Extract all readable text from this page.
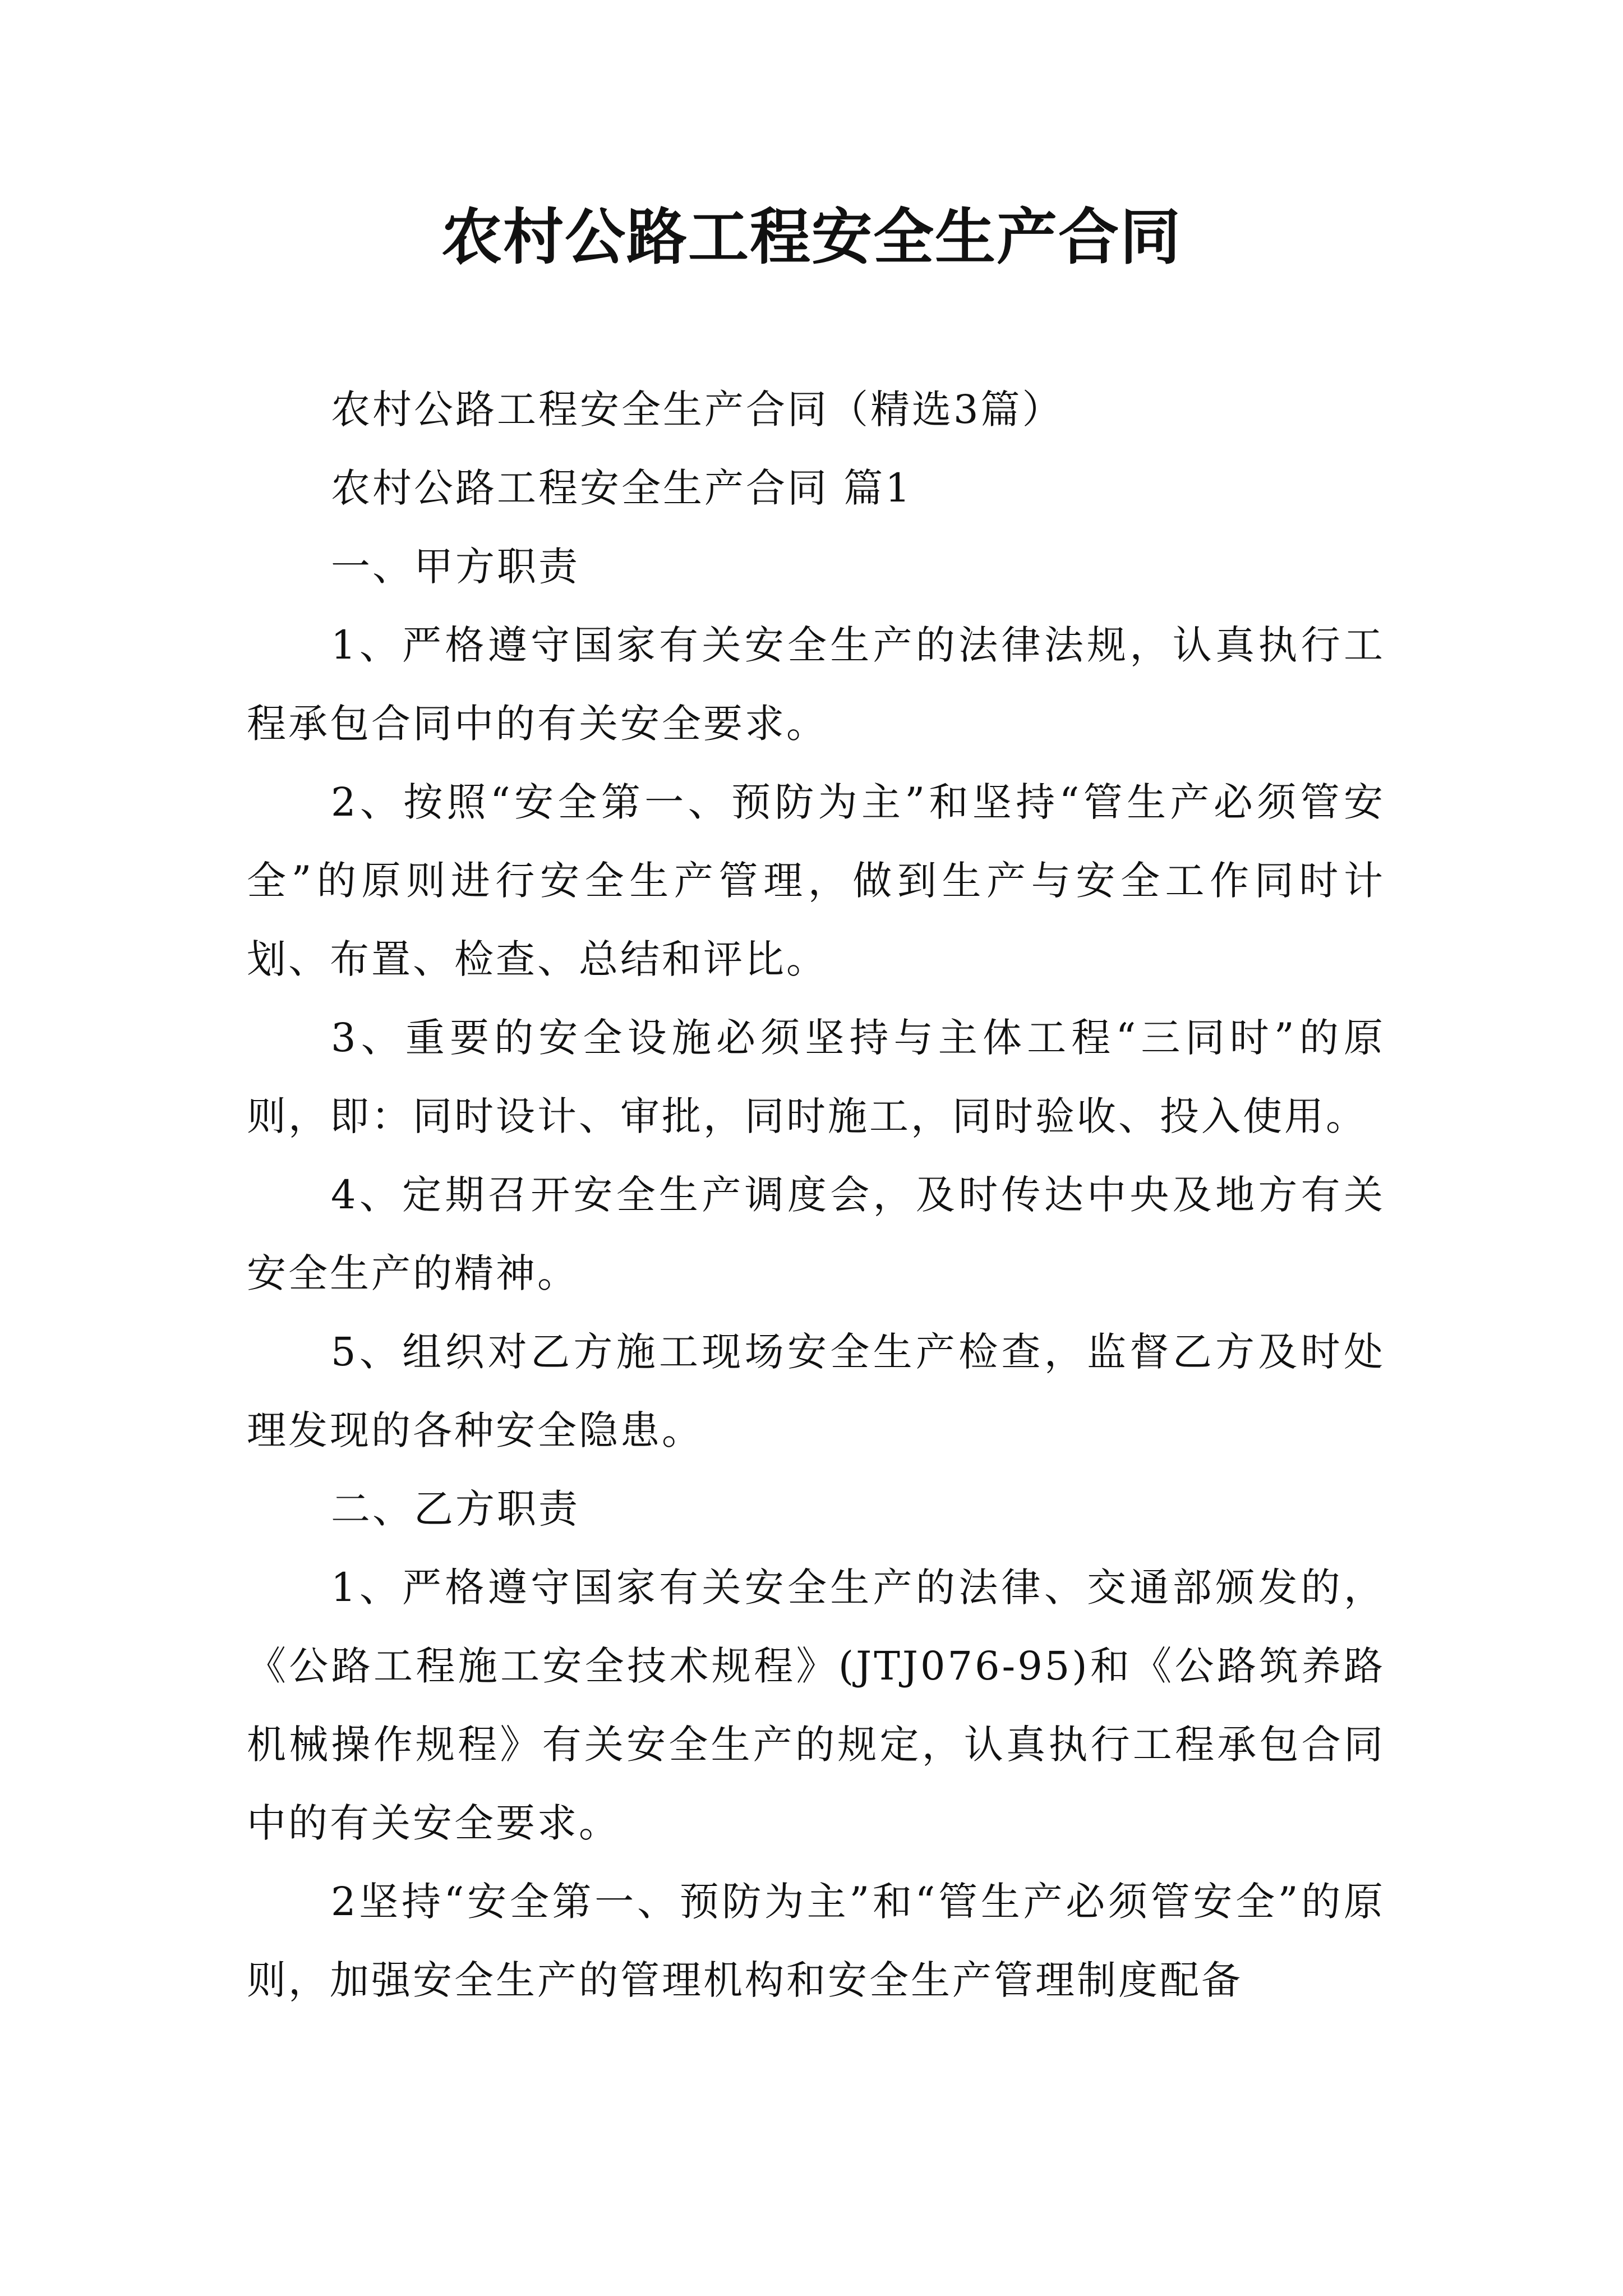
农村公路工程安全生产合同

农村公路工程安全生产合同（精选3篇）

农村公路工程安全生产合同 篇1

一、甲方职责

1、严格遵守国家有关安全生产的法律法规，认真执行工程承包合同中的有关安全要求。

2、按照“安全第一、预防为主”和坚持“管生产必须管安全”的原则进行安全生产管理，做到生产与安全工作同时计划、布置、检查、总结和评比。

3、重要的安全设施必须坚持与主体工程“三同时”的原则，即：同时设计、审批，同时施工，同时验收、投入使用。

4、定期召开安全生产调度会，及时传达中央及地方有关安全生产的精神。

5、组织对乙方施工现场安全生产检查，监督乙方及时处理发现的各种安全隐患。

二、乙方职责

1、严格遵守国家有关安全生产的法律、交通部颁发的，《公路工程施工安全技术规程》(JTJ076-95)和《公路筑养路机械操作规程》有关安全生产的规定，认真执行工程承包合同中的有关安全要求。

2坚持“安全第一、预防为主”和“管生产必须管安全”的原则，加强安全生产的管理机构和安全生产管理制度配备
